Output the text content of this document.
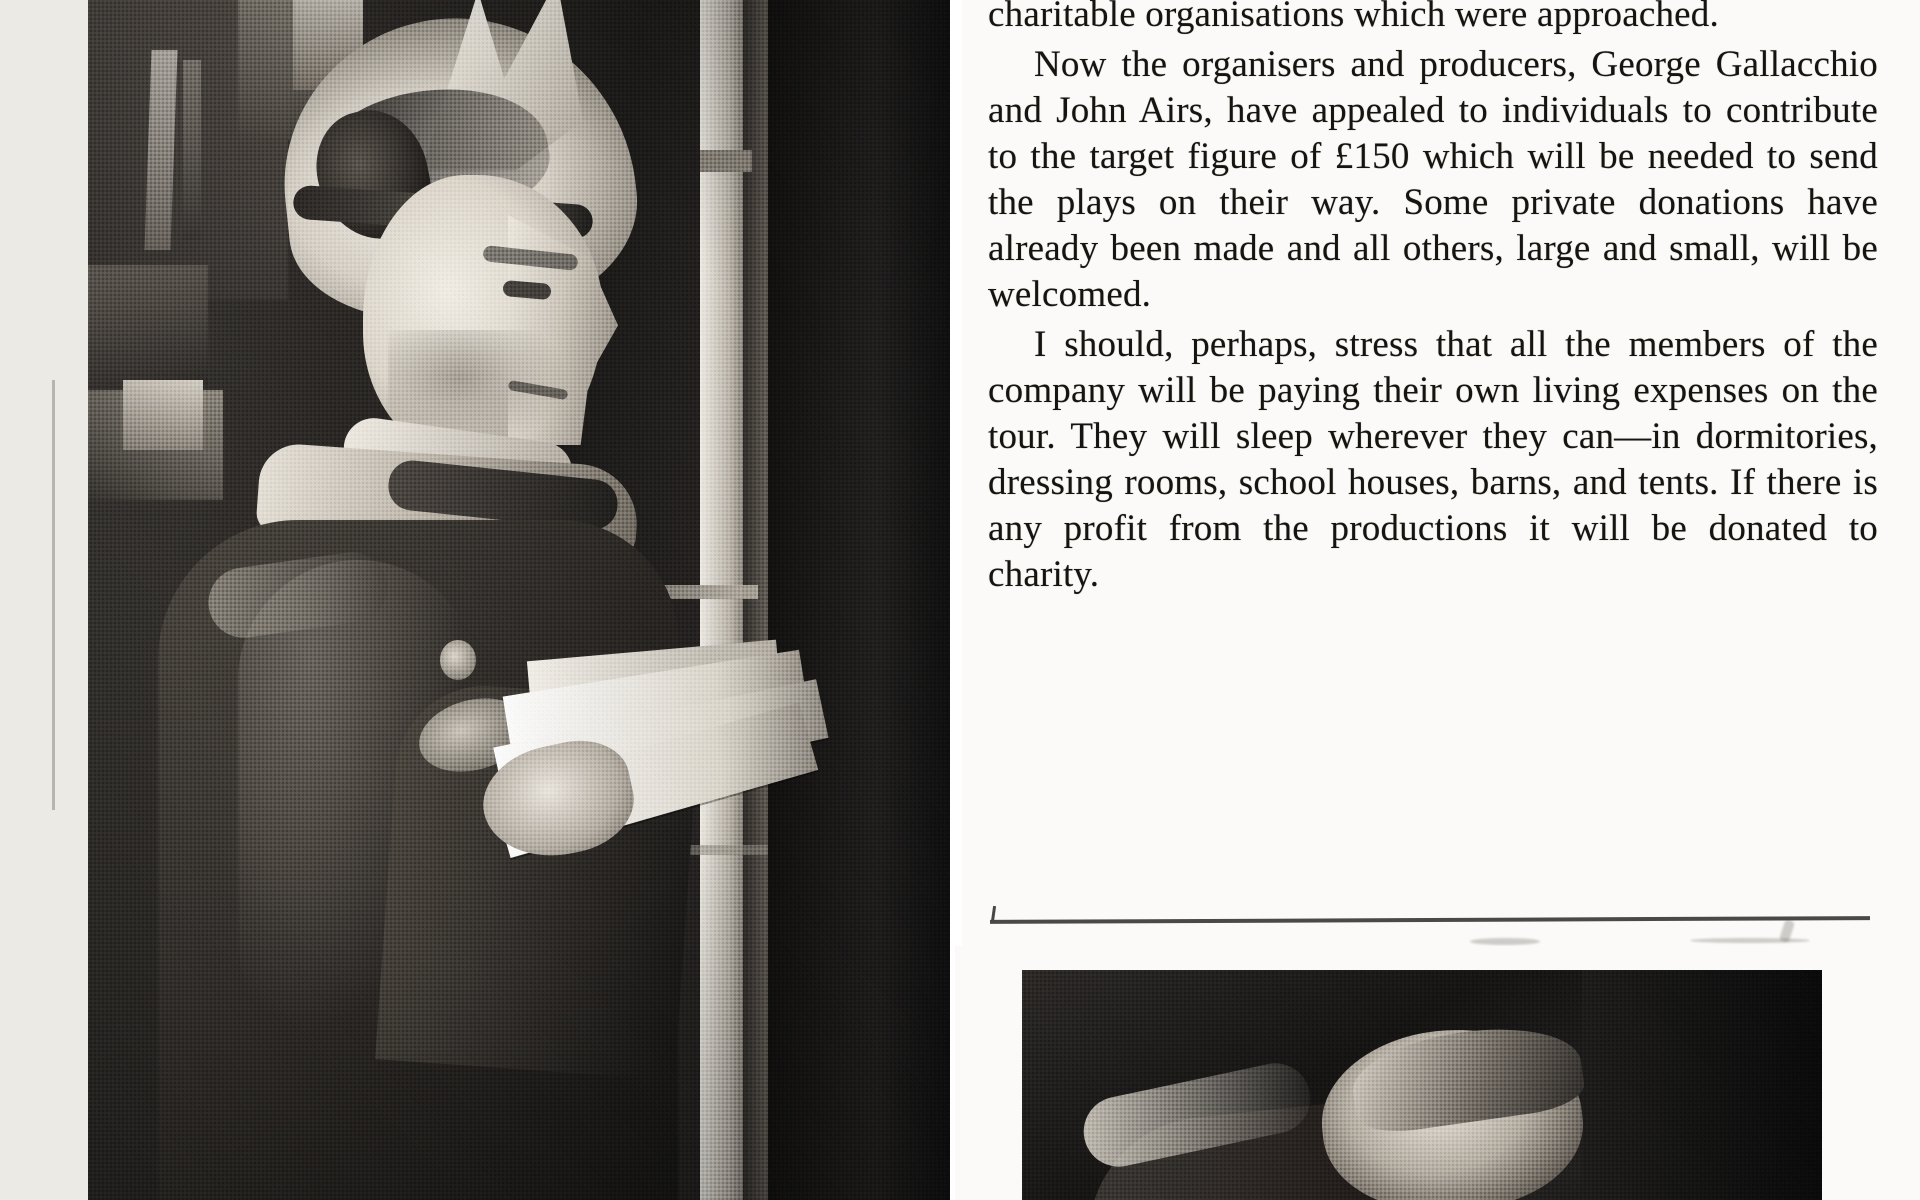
charitable organisations which were approached.

Now the organisers and producers, George Gallacchio and John Airs, have appealed to individuals to contribute to the target figure of £150 which will be needed to send the plays on their way. Some private donations have already been made and all others, large and small, will be welcomed.

I should, perhaps, stress that all the members of the company will be paying their own living expenses on the tour. They will sleep wherever they can—in dormitories, dressing rooms, school houses, barns, and tents. If there is any profit from the productions it will be donated to charity.
